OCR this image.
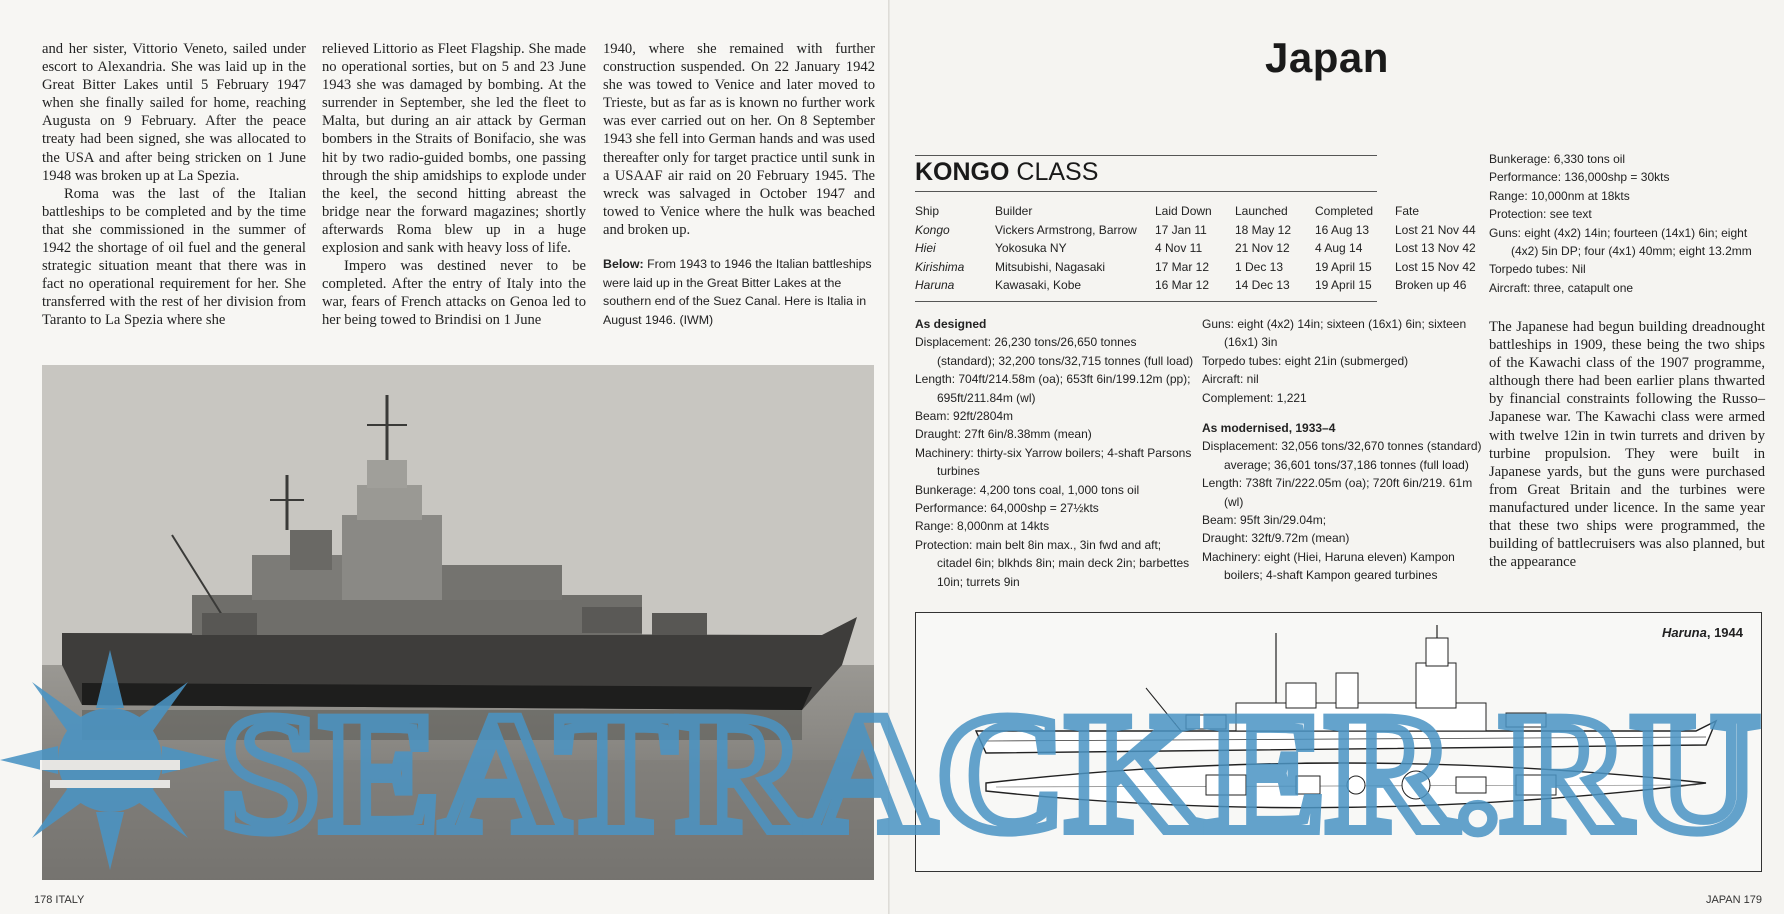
and her sister, Vittorio Veneto, sailed under escort to Alexandria. She was laid up in the Great Bitter Lakes until 5 February 1947 when she finally sailed for home, reaching Augusta on 9 February. After the peace treaty had been signed, she was allocated to the USA and after being stricken on 1 June 1948 was broken up at La Spezia.

Roma was the last of the Italian battleships to be completed and by the time that she commissioned in the summer of 1942 the shortage of oil fuel and the general strategic situation meant that there was in fact no operational requirement for her. She transferred with the rest of her division from Taranto to La Spezia where she

relieved Littorio as Fleet Flagship. She made no operational sorties, but on 5 and 23 June 1943 she was damaged by bombing. At the surrender in September, she led the fleet to Malta, but during an air attack by German bombers in the Straits of Bonifacio, she was hit by two radio-guided bombs, one passing through the ship amidships to explode under the keel, the second hitting abreast the bridge near the forward magazines; shortly afterwards Roma blew up in a huge explosion and sank with heavy loss of life.

Impero was destined never to be completed. After the entry of Italy into the war, fears of French attacks on Genoa led to her being towed to Brindisi on 1 June

1940, where she remained with further construction suspended. On 22 January 1942 she was towed to Venice and later moved to Trieste, but as far as is known no further work was ever carried out on her. On 8 September 1943 she fell into German hands and was used thereafter only for target practice until sunk in a USAAF air raid on 20 February 1945. The wreck was salvaged in October 1947 and towed to Venice where the hulk was beached and broken up.

Below: From 1943 to 1946 the Italian battleships were laid up in the Great Bitter Lakes at the southern end of the Suez Canal. Here is Italia in August 1946. (IWM)
178 ITALY
Japan
KONGO CLASS
Ship	Builder	Laid Down	Launched	Completed	Fate
Kongo	Vickers Armstrong, Barrow	17 Jan 11	18 May 12	16 Aug 13	Lost 21 Nov 44
Hiei	Yokosuka NY	4 Nov 11	21 Nov 12	4 Aug 14	Lost 13 Nov 42
Kirishima	Mitsubishi, Nagasaki	17 Mar 12	1 Dec 13	19 April 15	Lost 15 Nov 42
Haruna	Kawasaki, Kobe	16 Mar 12	14 Dec 13	19 April 15	Broken up 46
As designed
Displacement: 26,230 tons/26,650 tonnes
(standard); 32,200 tons/32,715 tonnes (full load)
Length: 704ft/214.58m (oa); 653ft 6in/199.12m (pp);
695ft/211.84m (wl)
Beam: 92ft/2804m
Draught: 27ft 6in/8.38mm (mean)
Machinery: thirty-six Yarrow boilers; 4-shaft Parsons
turbines
Bunkerage: 4,200 tons coal, 1,000 tons oil
Performance: 64,000shp = 27½kts
Range: 8,000nm at 14kts
Protection: main belt 8in max., 3in fwd and aft;
citadel 6in; blkhds 8in; main deck 2in; barbettes
10in; turrets 9in
Guns: eight (4x2) 14in; sixteen (16x1) 6in; sixteen
(16x1) 3in
Torpedo tubes: eight 21in (submerged)
Aircraft: nil
Complement: 1,221
As modernised, 1933–4
Displacement: 32,056 tons/32,670 tonnes (standard)
average; 36,601 tons/37,186 tonnes (full load)
Length: 738ft 7in/222.05m (oa); 720ft 6in/219. 61m
(wl)
Beam: 95ft 3in/29.04m;
Draught: 32ft/9.72m (mean)
Machinery: eight (Hiei, Haruna eleven) Kampon
boilers; 4-shaft Kampon geared turbines
Bunkerage: 6,330 tons oil
Performance: 136,000shp = 30kts
Range: 10,000nm at 18kts
Protection: see text
Guns: eight (4x2) 14in; fourteen (14x1) 6in; eight
(4x2) 5in DP; four (4x1) 40mm; eight 13.2mm
Torpedo tubes: Nil
Aircraft: three, catapult one

The Japanese had begun building dreadnought battleships in 1909, these being the two ships of the Kawachi class of the 1907 programme, although there had been earlier plans thwarted by financial constraints following the Russo–Japanese war. The Kawachi class were armed with twelve 12in in twin turrets and driven by turbine propulsion. They were built in Japanese yards, but the guns were purchased from Great Britain and the turbines were manufactured under licence. In the same year that these two ships were programmed, the building of battlecruisers was also planned, but the appearance

Haruna, 1944
JAPAN 179
SEATRACKER.RU
